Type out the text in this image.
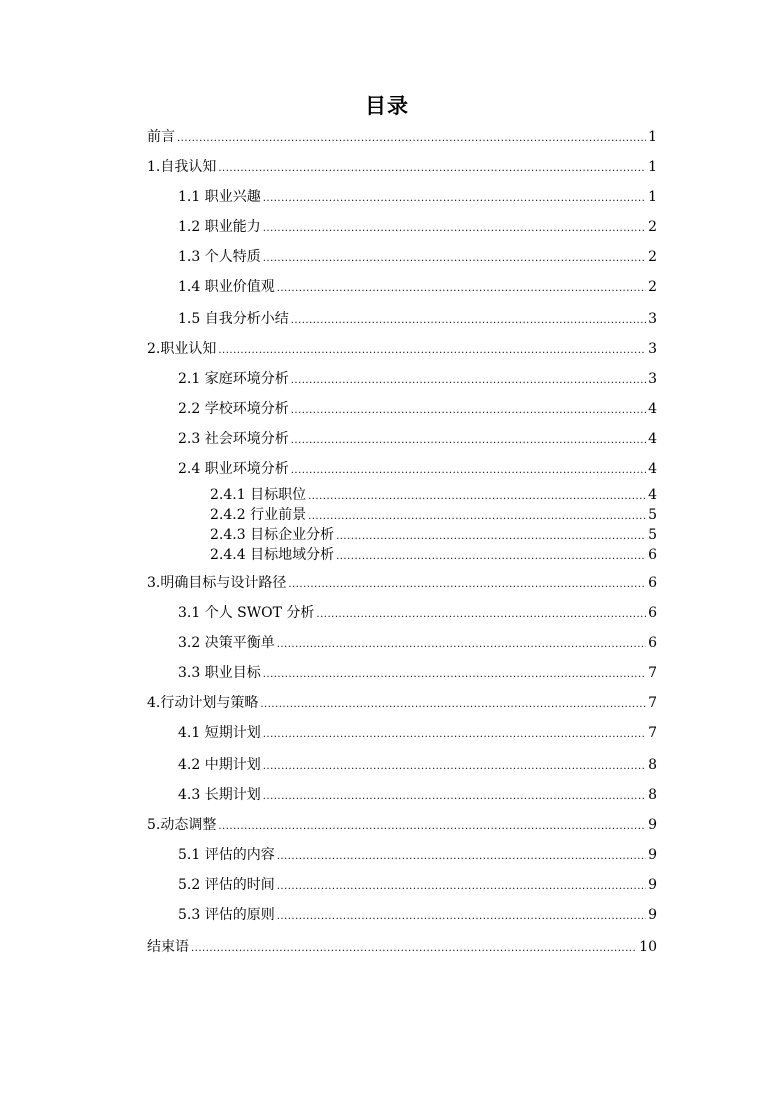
目录
前言 .....	1
1.自我认知 .....	1
1.1 职业兴趣 .....	1
1.2 职业能力 .....	2
1.3 个人特质 .....	2
1.4 职业价值观 .....	2
1.5 自我分析小结 .....	3
2.职业认知 .....	3
2.1 家庭环境分析 .....	3
2.2 学校环境分析 .....	4
2.3 社会环境分析 .....	4
2.4 职业环境分析 .....	4
2.4.1 目标职位 .....	4
2.4.2 行业前景 .....	5
2.4.3 目标企业分析 .....	5
2.4.4 目标地域分析 .....	6
3.明确目标与设计路径 .....	6
3.1 个人 SWOT 分析 .....	6
3.2 决策平衡单 .....	6
3.3 职业目标 .....	7
4.行动计划与策略 .....	7
4.1 短期计划 .....	7
4.2 中期计划 .....	8
4.3 长期计划 .....	8
5.动态调整 .....	9
5.1 评估的内容 .....	9
5.2 评估的时间 .....	9
5.3 评估的原则 .....	9
结束语 .....	10
